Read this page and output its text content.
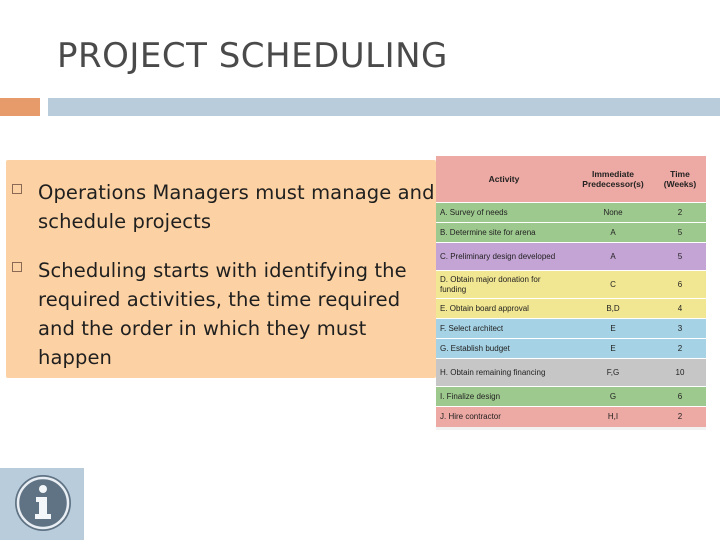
PROJECT SCHEDULING

Operations Managers must manage and schedule projects

Scheduling starts with identifying the required activities, the time required and the order in which they must happen

Activity	Immediate Predecessor(s)	Time (Weeks)
A. Survey of needs	None	2
B. Determine site for arena	A	5
C. Preliminary design developed	A	5
D. Obtain major donation for funding	C	6
E. Obtain board approval	B,D	4
F. Select architect	E	3
G. Establish budget	E	2
H. Obtain remaining financing	F,G	10
I. Finalize design	G	6
J. Hire contractor	H,I	2
